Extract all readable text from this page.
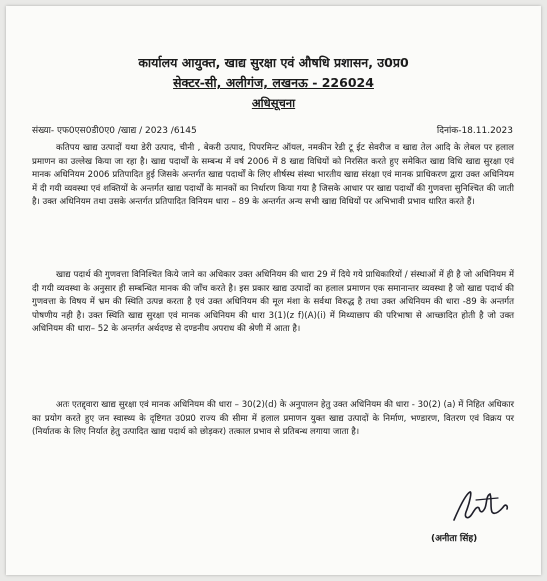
कार्यालय आयुक्त, खाद्य सुरक्षा एवं औषधि प्रशासन, उ0प्र0
सेक्टर-सी, अलीगंज, लखनऊ - 226024
अधिसूचना
संख्या- एफ0एस0डी0ए0 /खाद्य / 2023 /6145	दिनांक-18.11.2023

कतिपय खाद्य उत्पादों यथा डेरी उत्पाद, चीनी , बेकरी उत्पाद, पिपरमिन्ट ऑयल, नमकीन रेडी टू ईट सेवरीज व खाद्य तेल आदि के लेबल पर हलाल प्रमाणन का उल्लेख किया जा रहा है। खाद्य पदार्थों के सम्बन्ध में वर्ष 2006 में 8 खाद्य विधियों को निरसित करते हुए समेकित खाद्य विधि खाद्य सुरक्षा एवं मानक अधिनियम 2006 प्रतिपादित हुई जिसके अन्तर्गत खाद्य पदार्थों के लिए शीर्षस्थ संस्था भारतीय खाद्य संरक्षा एवं मानक प्राधिकरण द्वारा उक्त अधिनियम में दी गयी व्यवस्था एवं शक्तियों के अन्तर्गत खाद्य पदार्थों के मानकों का निर्धारण किया गया है जिसके आधार पर खाद्य पदार्थों की गुणवत्ता सुनिश्चित की जाती है। उक्त अधिनियम तथा उसके अन्तर्गत प्रतिपादित विनियम धारा – 89 के अन्तर्गत अन्य सभी खाद्य विधियों पर अभिभावी प्रभाव धारित करते हैं।

खाद्य पदार्थ की गुणवत्ता विनिश्चित किये जाने का अधिकार उक्त अधिनियम की धारा 29 में दिये गये प्राधिकारियों / संस्थाओं में ही है जो अधिनियम में दी गयी व्यवस्था के अनुसार ही सम्बन्धित मानक की जाँच करते है। इस प्रकार खाद्य उत्पादों का हलाल प्रमाणन एक समानान्तर व्यवस्था है जो खाद्य पदार्थ की गुणवत्ता के विषय में भ्रम की स्थिति उत्पन्न करता है एवं उक्त अधिनियम की मूल मंशा के सर्वथा विरुद्ध है तथा उक्त अधिनियम की धारा -89 के अन्तर्गत पोषणीय नही है। उक्त स्थिति खाद्य सुरक्षा एवं मानक अधिनियम की धारा 3(1)(z f)(A)(i) में मिथ्याछाप की परिभाषा से आच्छादित होती है जो उक्त अधिनियम की धारा– 52 के अन्तर्गत अर्थदण्ड से दण्डनीय अपराध की श्रेणी में आता है।

अतः एतद्द्वारा खाद्य सुरक्षा एवं मानक अधिनियम की धारा – 30(2)(d) के अनुपालन हेतु उक्त अधिनियम की धारा - 30(2) (a) में निहित अधिकार का प्रयोग करते हुए जन स्वास्थ्य के दृष्टिगत उ0प्र0 राज्य की सीमा में हलाल प्रमाणन युक्त खाद्य उत्पादों के निर्माण, भण्डारण, वितरण एवं विक्रय पर (निर्यातक के लिए निर्यात हेतु उत्पादित खाद्य पदार्थ को छोड़कर) तत्काल प्रभाव से प्रतिबन्ध लगाया जाता है।

(अनीता सिंह)
